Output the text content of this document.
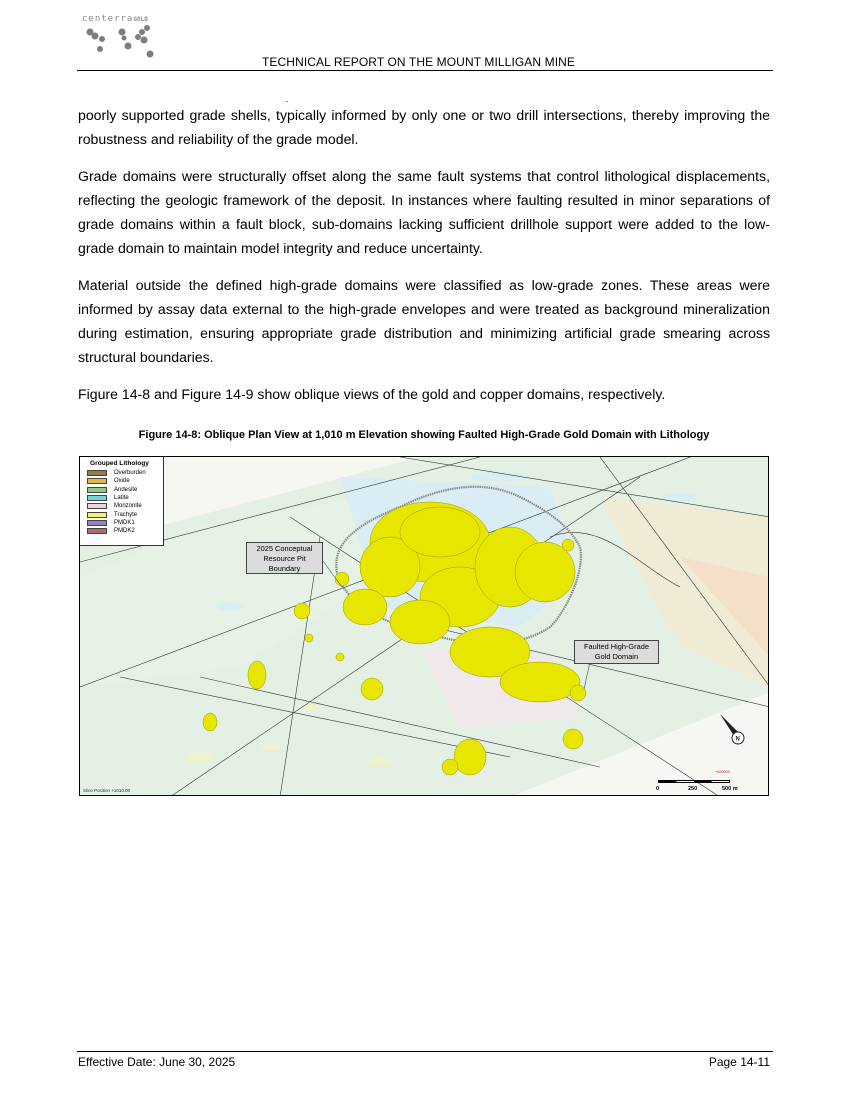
centerraGOLD
TECHNICAL REPORT ON THE MOUNT MILLIGAN MINE

poorly supported grade shells, typically informed by only one or two drill intersections, thereby improving the robustness and reliability of the grade model.

Grade domains were structurally offset along the same fault systems that control lithological displacements, reflecting the geologic framework of the deposit. In instances where faulting resulted in minor separations of grade domains within a fault block, sub-domains lacking sufficient drillhole support were added to the low-grade domain to maintain model integrity and reduce uncertainty.

Material outside the defined high-grade domains were classified as low-grade zones. These areas were informed by assay data external to the high-grade envelopes and were treated as background mineralization during estimation, ensuring appropriate grade distribution and minimizing artificial grade smearing across structural boundaries.

Figure 14-8 and Figure 14-9 show oblique views of the gold and copper domains, respectively.

Figure 14-8: Oblique Plan View at 1,010 m Elevation showing Faulted High-Grade Gold Domain with Lithology
Grouped Lithology
Overburden
Oxide
Andesite
Latite
Monzonite
Trachyte
PMDK1
PMDK2
2025 Conceptual
Resource Pit
Boundary
Faulted High-Grade
Gold Domain
+620000
N
0	250	500 m
Slice Position +1010.00
Effective Date: June 30, 2025	Page 14-11
